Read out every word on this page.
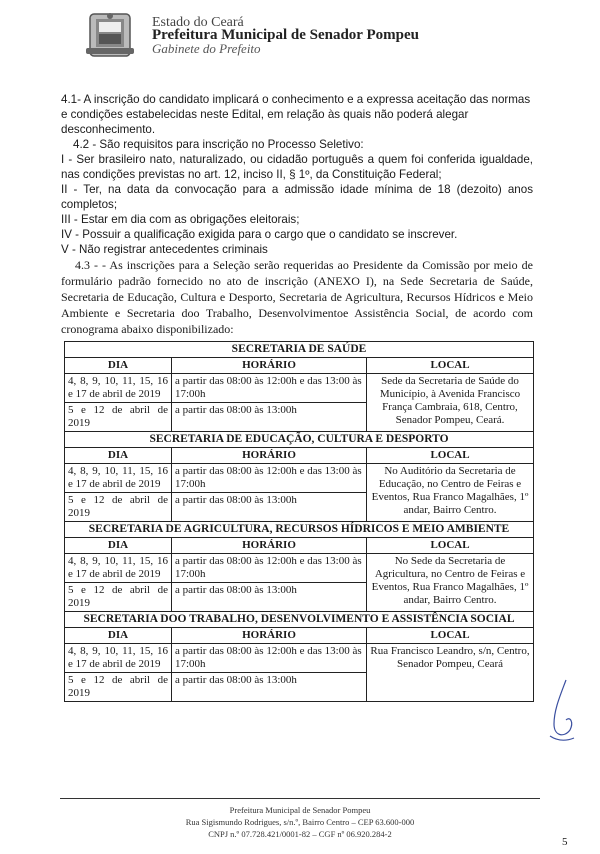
Estado do Ceará
Prefeitura Municipal de Senador Pompeu
Gabinete do Prefeito

4.1- A inscrição do candidato implicará o conhecimento e a expressa aceitação das normas e condições estabelecidas neste Edital, em relação às quais não poderá alegar desconhecimento.

4.2 - São requisitos para inscrição no Processo Seletivo:

I - Ser brasileiro nato, naturalizado, ou cidadão português a quem foi conferida igualdade, nas condições previstas no art. 12, inciso II, § 1º, da Constituição Federal;

II - Ter, na data da convocação para a admissão idade mínima de 18 (dezoito) anos completos;

III - Estar em dia com as obrigações eleitorais;

IV - Possuir a qualificação exigida para o cargo que o candidato se inscrever.

V - Não registrar antecedentes criminais

4.3 - - As inscrições para a Seleção serão requeridas ao Presidente da Comissão por meio de formulário padrão fornecido no ato de inscrição (ANEXO I), na Sede Secretaria de Saúde, Secretaria de Educação, Cultura e Desporto, Secretaria de Agricultura, Recursos Hídricos e Meio Ambiente e Secretaria doo Trabalho, Desenvolvimentoe Assistência Social, de acordo com cronograma abaixo disponibilizado:

SECRETARIA DE SAÚDE		
DIA	HORÁRIO	LOCAL
4, 8, 9, 10, 11, 15, 16 e 17 de abril de 2019	a partir das 08:00 às 12:00h e das 13:00 às 17:00h	Sede da Secretaria de Saúde do Município, à Avenida Francisco França Cambraia, 618, Centro, Senador Pompeu, Ceará.
5 e 12 de abril de 2019	a partir das 08:00 às 13:00h	
SECRETARIA DE EDUCAÇÃO, CULTURA E DESPORTO		
DIA	HORÁRIO	LOCAL
4, 8, 9, 10, 11, 15, 16 e 17 de abril de 2019	a partir das 08:00 às 12:00h e das 13:00 às 17:00h	No Auditório da Secretaria de Educação, no Centro de Feiras e Eventos, Rua Franco Magalhães, 1º andar, Bairro Centro.
5 e 12 de abril de 2019	a partir das 08:00 às 13:00h	
SECRETARIA DE AGRICULTURA, RECURSOS HÍDRICOS E MEIO AMBIENTE		
DIA	HORÁRIO	LOCAL
4, 8, 9, 10, 11, 15, 16 e 17 de abril de 2019	a partir das 08:00 às 12:00h e das 13:00 às 17:00h	No Sede da Secretaria de Agricultura, no Centro de Feiras e Eventos, Rua Franco Magalhães, 1º andar, Bairro Centro.
5 e 12 de abril de 2019	a partir das 08:00 às 13:00h	
SECRETARIA DOO TRABALHO, DESENVOLVIMENTO E ASSISTÊNCIA SOCIAL		
DIA	HORÁRIO	LOCAL
4, 8, 9, 10, 11, 15, 16 e 17 de abril de 2019	a partir das 08:00 às 12:00h e das 13:00 às 17:00h	Rua Francisco Leandro, s/n, Centro, Senador Pompeu, Ceará
5 e 12 de abril de 2019	a partir das 08:00 às 13:00h	
Prefeitura Municipal de Senador Pompeu
Rua Sigismundo Rodrigues, s/n.º, Bairro Centro – CEP 63.600-000
CNPJ n.º 07.728.421/0001-82 – CGF nº 06.920.284-2
5
